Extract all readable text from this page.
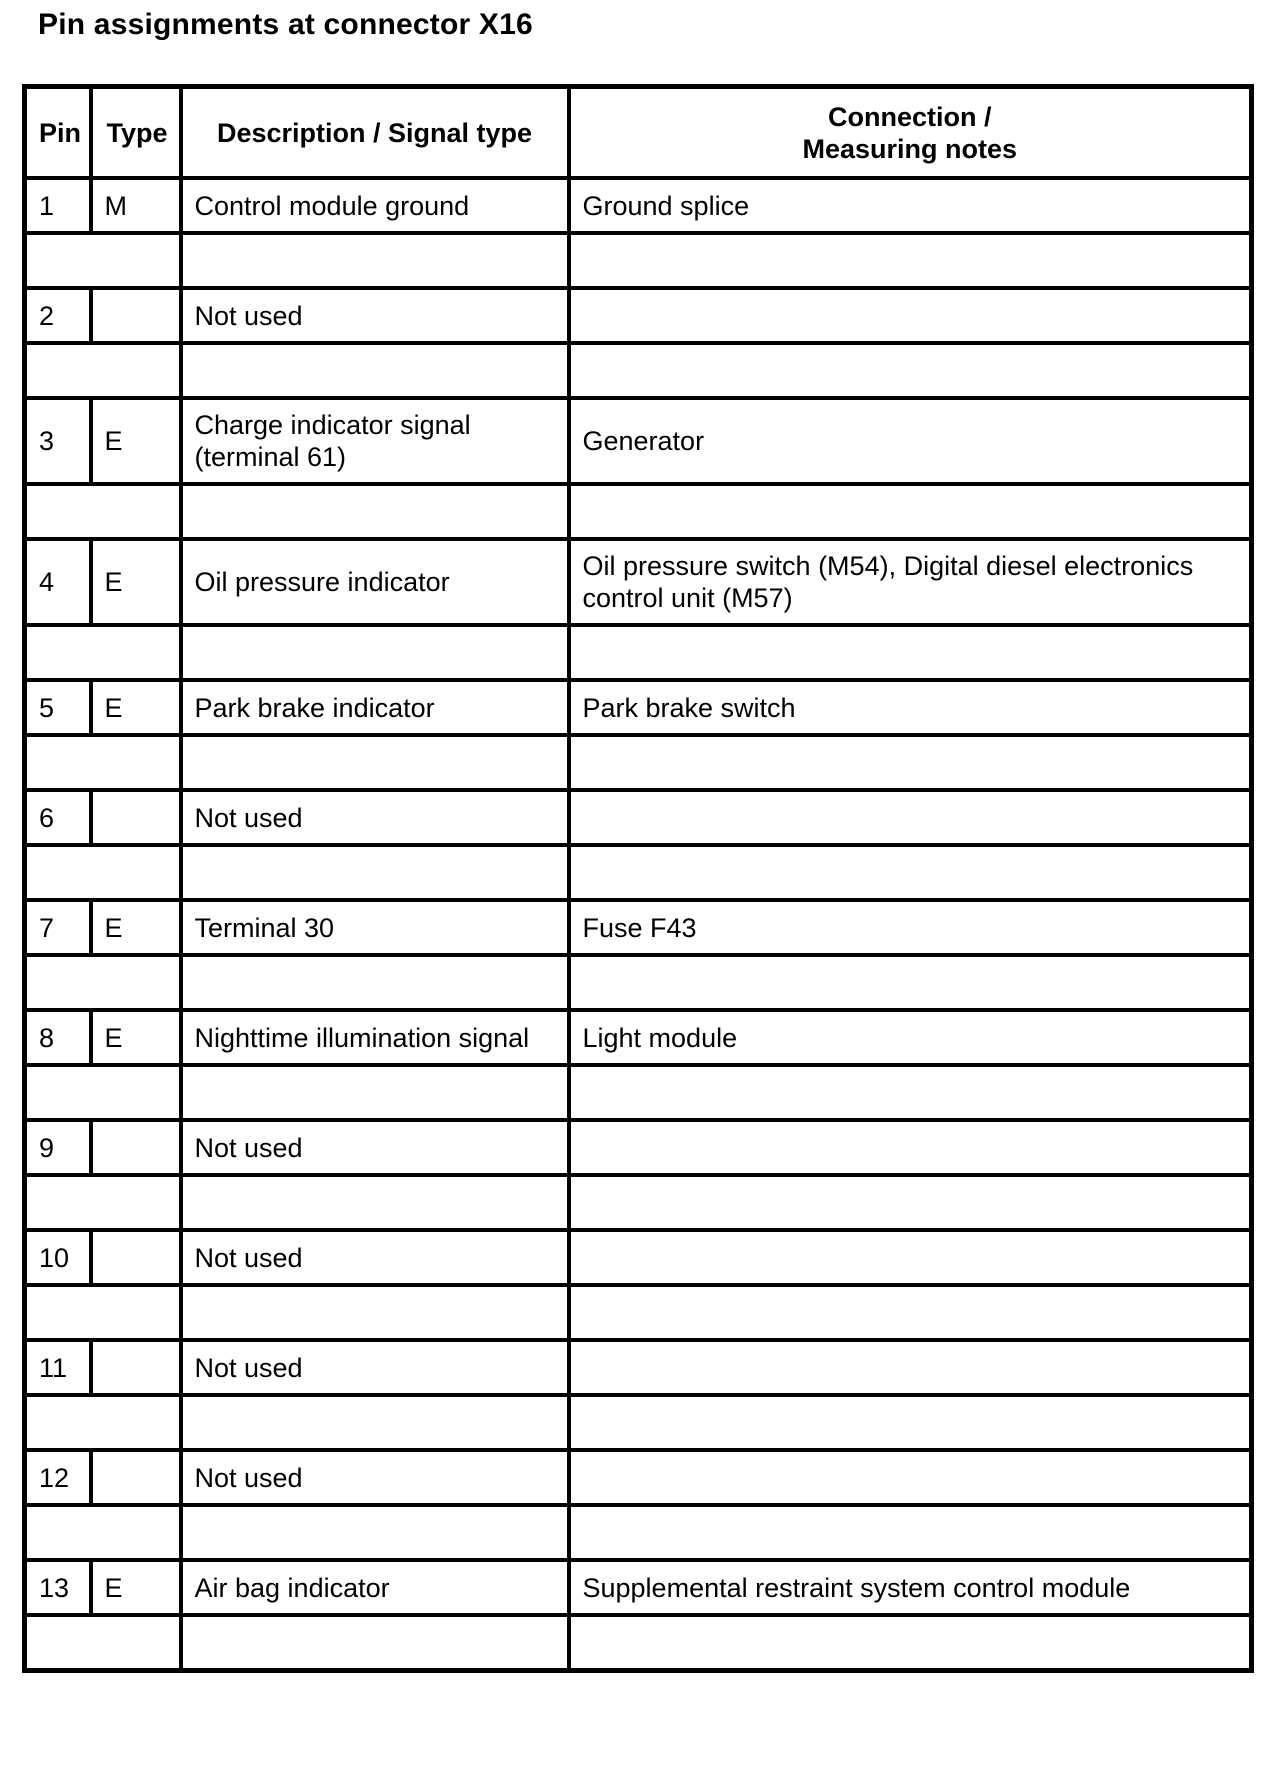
Pin assignments at connector X16
Pin	Type	Description / Signal type	Connection /
Measuring notes

1	M	Control module ground	Ground splice

2		Not used	

3	E	Charge indicator signal (terminal 61)	Generator

4	E	Oil pressure indicator	Oil pressure switch (M54), Digital diesel electronics control unit (M57)

5	E	Park brake indicator	Park brake switch

6		Not used	

7	E	Terminal 30	Fuse F43

8	E	Nighttime illumination signal	Light module

9		Not used	

10		Not used	

11		Not used	

12		Not used	

13	E	Air bag indicator	Supplemental restraint system control module
